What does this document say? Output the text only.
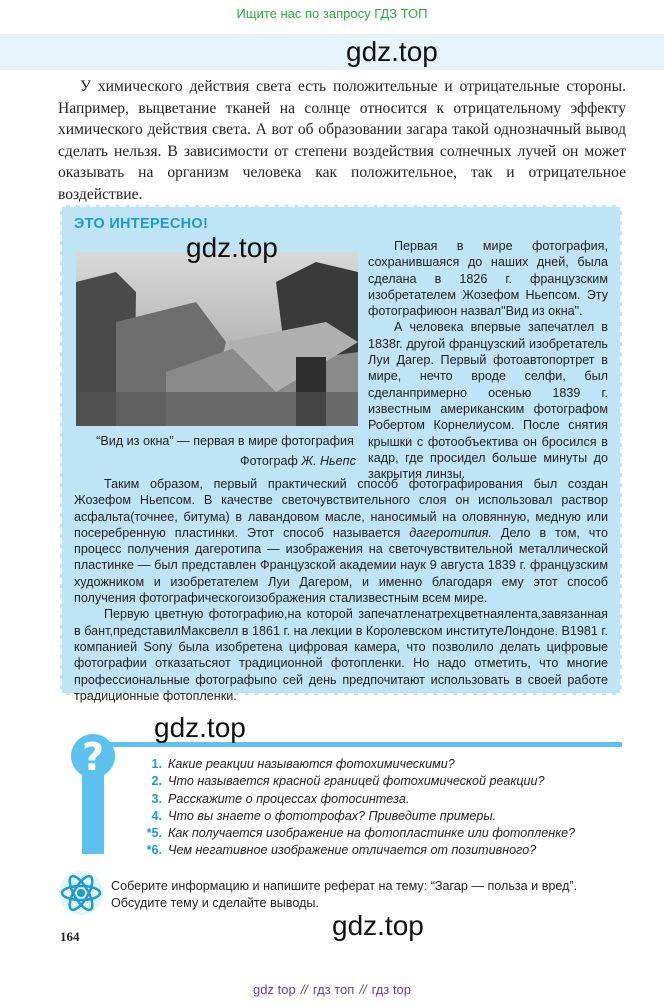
Ищите нас по запросу ГДЗ ТОП
gdz.top
У химического действия света есть положительные и отрицательные стороны. Например, выцветание тканей на солнце относится к отрицательному эффекту химического действия света. А вот об образовании загара такой однозначный вывод сделать нельзя. В зависимости от степени воздействия солнечных лучей он может оказывать на организм человека как положительное, так и отрицательное воздействие.
ЭТО ИНТЕРЕСНО!
gdz.top
“Вид из окна” — первая в мире фотография
Фотограф Ж. Ньепс

Первая в мире фотография, сохранившаяся до наших дней, была сделана в 1826 г. французским изобретателем Жозефом Ньепсом. Эту фотографиюон назвал"Вид из окна".

А человека впервые запечатлел в 1838г. другой французский изобретатель Луи Дагер. Первый фотоавтопортрет в мире, нечто вроде селфи, был сделанпримерно осенью 1839 г. известным американским фотографом Робертом Корнелиусом. После снятия крышки с фотообъектива он бросился в кадр, где просидел больше минуты до закрытия линзы.

Таким образом, первый практический способ фотографирования был создан Жозефом Ньепсом. В качестве светочувствительного слоя он использовал раствор асфальта(точнее, битума) в лавандовом масле, наносимый на оловянную, медную или посеребренную пластинки. Этот способ называется дагеротипия. Дело в том, что процесс получения дагеротипа — изображения на светочувствительной металлической пластинке — был представлен Французской академии наук 9 августа 1839 г. французским художником и изобретателем Луи Дагером, и именно благодаря ему этот способ получения фотографическогоизображения стализвестным всем мире.

Первую цветную фотографию,на которой запечатленатрехцветнаялента,завязанная в бант,представилМаксвелл в 1861 г. на лекции в Королевском институтеЛондоне. В1981 г. компанией Sony была изобретена цифровая камера, что позволило делать цифровые фотографии отказатьсяот традиционной фотопленки. Но надо отметить, что многие профессиональные фотографыпо сей день предпочитают использовать в своей работе традиционные фотопленки.

?
gdz.top
1. Какие реакции называются фотохимическими?
2. Что называется красной границей фотохимической реакции?
3. Расскажите о процессах фотосинтеза.
4. Что вы знаете о фототрофах? Приведите примеры.
*5. Как получается изображение на фотопластинке или фотопленке?
*6. Чем негативное изображение отличается от позитивного?
Соберите информацию и напишите реферат на тему: “Загар — польза и вред”. Обсудите тему и сделайте выводы.
164	gdz.top
gdz top // гдз топ // гдз top
